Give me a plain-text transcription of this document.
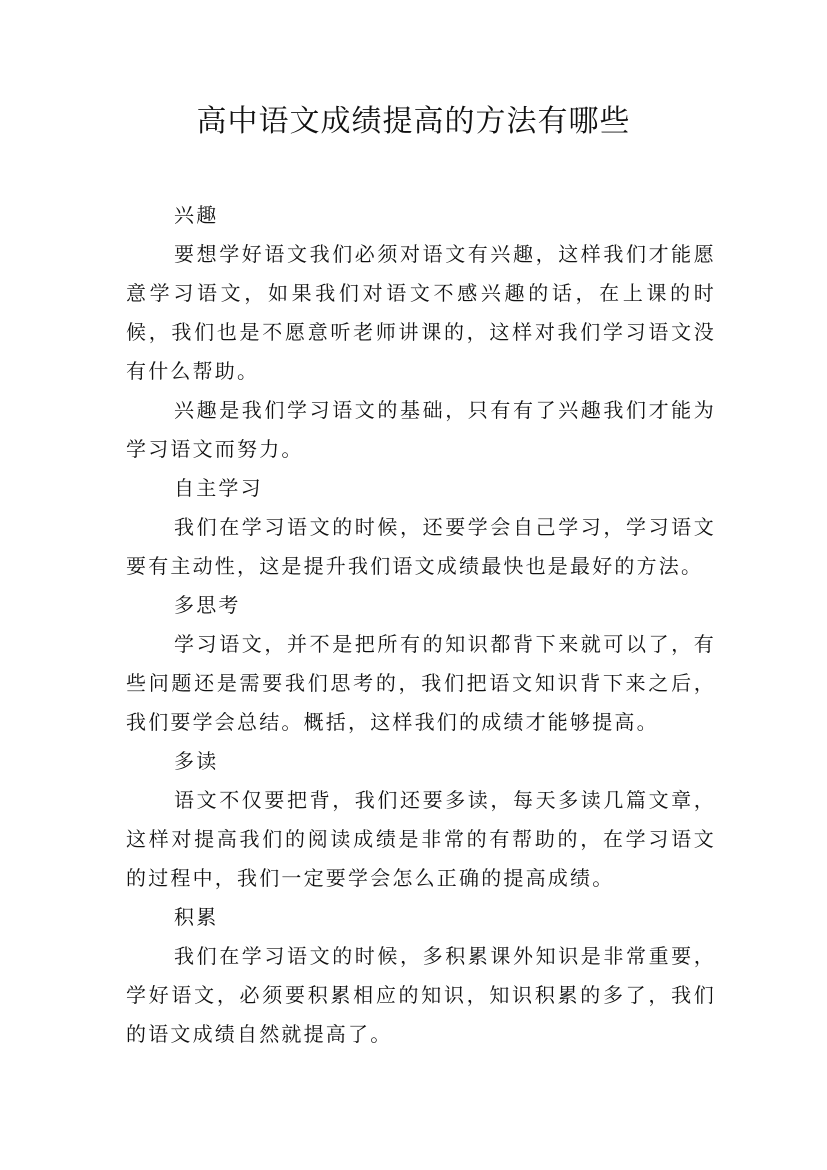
高中语文成绩提高的方法有哪些

兴趣

要想学好语文我们必须对语文有兴趣，这样我们才能愿意学习语文，如果我们对语文不感兴趣的话，在上课的时候，我们也是不愿意听老师讲课的，这样对我们学习语文没有什么帮助。

兴趣是我们学习语文的基础，只有有了兴趣我们才能为学习语文而努力。

自主学习

我们在学习语文的时候，还要学会自己学习，学习语文要有主动性，这是提升我们语文成绩最快也是最好的方法。

多思考

学习语文，并不是把所有的知识都背下来就可以了，有些问题还是需要我们思考的，我们把语文知识背下来之后，我们要学会总结。概括，这样我们的成绩才能够提高。

多读

语文不仅要把背，我们还要多读，每天多读几篇文章，这样对提高我们的阅读成绩是非常的有帮助的，在学习语文的过程中，我们一定要学会怎么正确的提高成绩。

积累

我们在学习语文的时候，多积累课外知识是非常重要，学好语文，必须要积累相应的知识，知识积累的多了，我们的语文成绩自然就提高了。
